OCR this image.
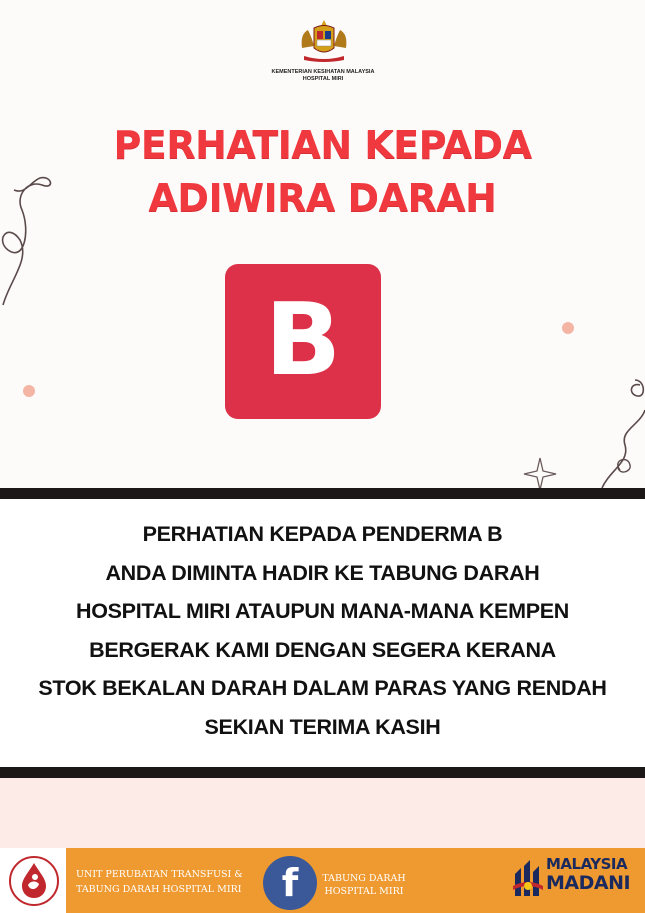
KEMENTERIAN KESIHATAN MALAYSIA
HOSPITAL MIRI
PERHATIAN KEPADA
ADIWIRA DARAH
B
PERHATIAN KEPADA PENDERMA B
ANDA DIMINTA HADIR KE TABUNG DARAH
HOSPITAL MIRI ATAUPUN MANA-MANA KEMPEN
BERGERAK KAMI DENGAN SEGERA KERANA
STOK BEKALAN DARAH DALAM PARAS YANG RENDAH
SEKIAN TERIMA KASIH
UNIT PERUBATAN TRANSFUSI &
TABUNG DARAH HOSPITAL MIRI	f	TABUNG DARAH
HOSPITAL MIRI
MALAYSIA
MADANI
